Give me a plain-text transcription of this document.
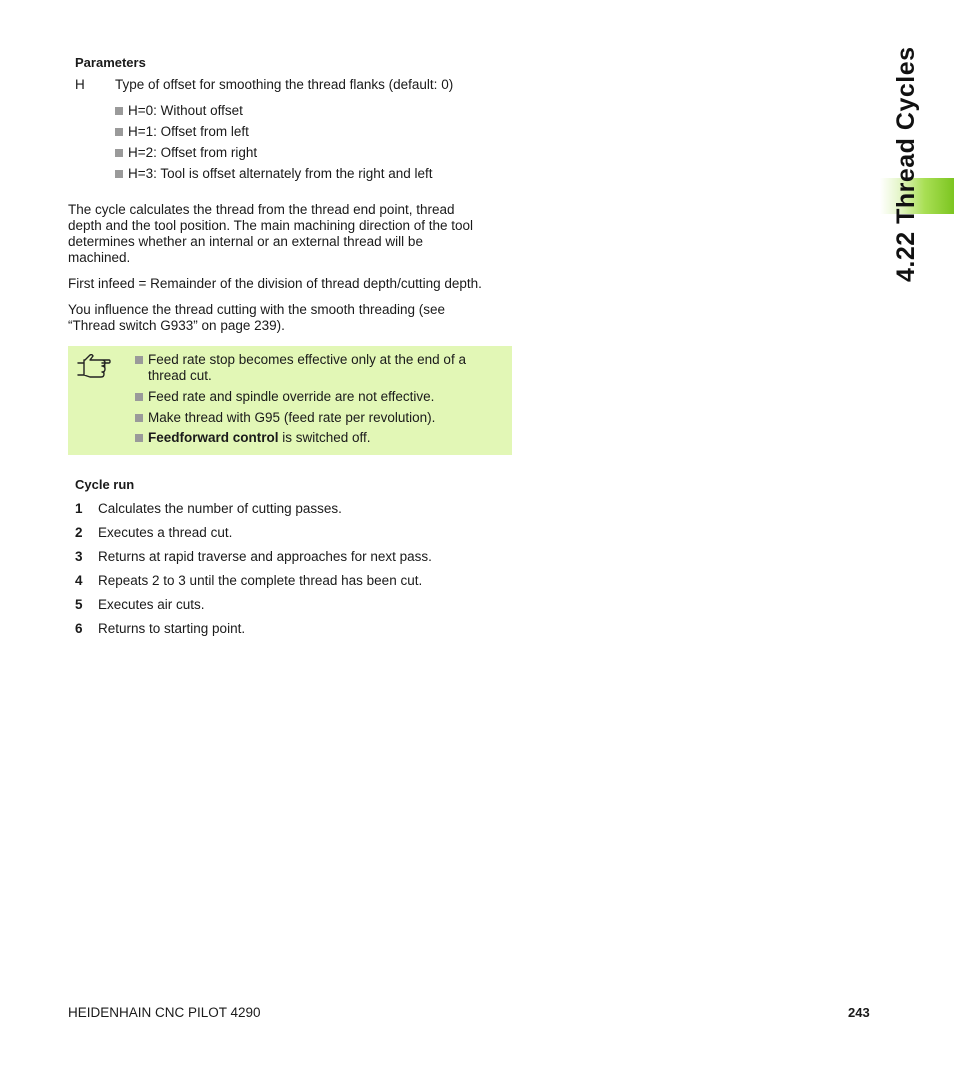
4.22 Thread Cycles
Parameters
H Type of offset for smoothing the thread flanks (default: 0)
H=0: Without offset
H=1: Offset from left
H=2: Offset from right
H=3: Tool is offset alternately from the right and left
The cycle calculates the thread from the thread end point, thread
depth and the tool position. The main machining direction of the tool
determines whether an internal or an external thread will be
machined.
First infeed = Remainder of the division of thread depth/cutting depth.
You influence the thread cutting with the smooth threading (see
“Thread switch G933” on page 239).
Feed rate stop becomes effective only at the end of a
thread cut.
Feed rate and spindle override are not effective.
Make thread with G95 (feed rate per revolution).
Feedforward control is switched off.
Cycle run
1 Calculates the number of cutting passes.
2 Executes a thread cut.
3 Returns at rapid traverse and approaches for next pass.
4 Repeats 2 to 3 until the complete thread has been cut.
5 Executes air cuts.
6 Returns to starting point.
HEIDENHAIN CNC PILOT 4290	243
